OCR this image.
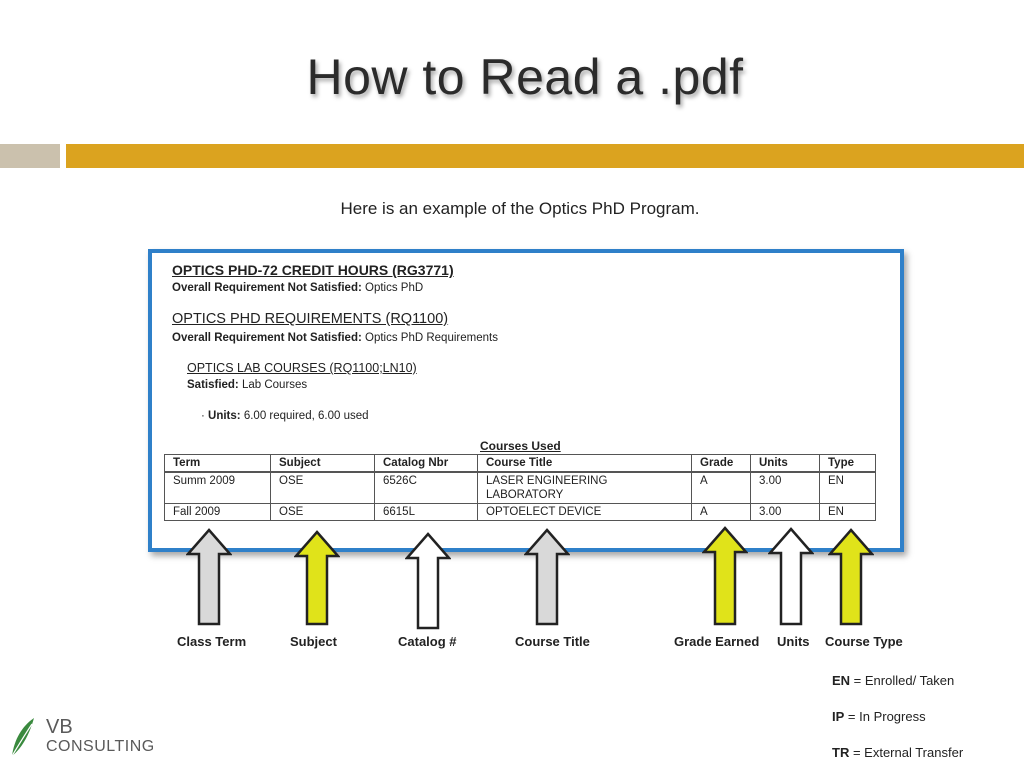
How to Read a .pdf
Here is an example of the Optics PhD Program.
OPTICS PHD-72 CREDIT HOURS (RG3771)
Overall Requirement Not Satisfied: Optics PhD
OPTICS PHD REQUIREMENTS (RQ1100)
Overall Requirement Not Satisfied: Optics PhD Requirements
OPTICS LAB COURSES (RQ1100;LN10)
Satisfied: Lab Courses
· Units: 6.00 required, 6.00 used
Courses Used
Term	Subject	Catalog Nbr	Course Title	Grade	Units	Type
Summ 2009	OSE	6526C	LASER ENGINEERING
LABORATORY	A	3.00	EN
Fall 2009	OSE	6615L	OPTOELECT DEVICE	A	3.00	EN
Class Term	Subject	Catalog #	Course Title	Grade Earned Units Course Type
EN = Enrolled/ Taken
IP = In Progress
TR = External Transfer
VB
CONSULTING
